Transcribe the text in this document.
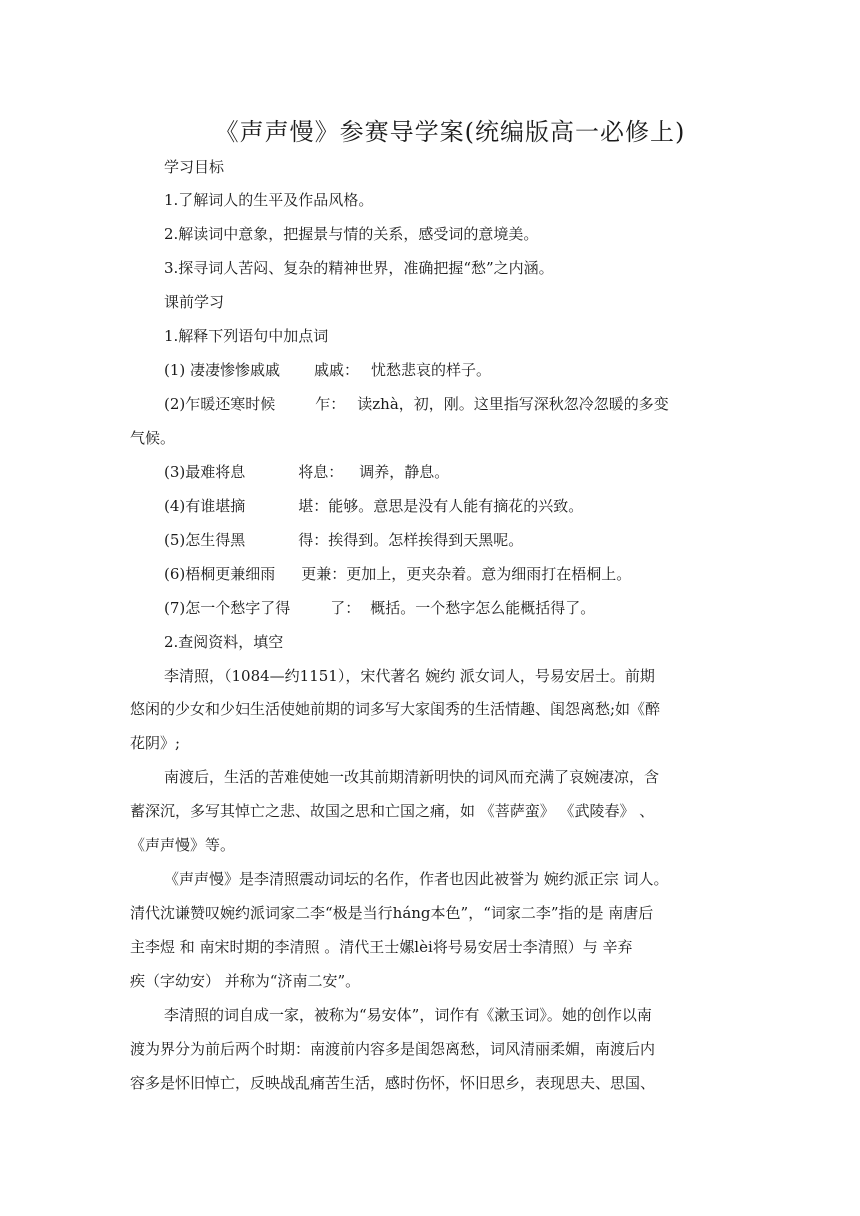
《声声慢》参赛导学案(统编版高一必修上)
学习目标
1.了解词人的生平及作品风格。
2.解读词中意象，把握景与情的关系，感受词的意境美。
3.探寻词人苦闷、复杂的精神世界，准确把握“愁”之内涵。
课前学习
1.解释下列语句中加点词
(1) 凄凄惨惨戚戚 戚戚： 忧愁悲哀的样子。
(2)乍暖还寒时候	乍： 读zhà，初，刚。这里指写深秋忽冷忽暖的多变
气候。
(3)最难将息	将息： 调养，静息。
(4)有谁堪摘	堪：能够。意思是没有人能有摘花的兴致。
(5)怎生得黑	得：挨得到。怎样挨得到天黑呢。
(6)梧桐更兼细雨 更兼：更加上，更夹杂着。意为细雨打在梧桐上。
(7)怎一个愁字了得	了： 概括。一个愁字怎么能概括得了。
2.查阅资料，填空
李清照，（1084—约1151），宋代著名 婉约 派女词人，号易安居士。前期
悠闲的少女和少妇生活使她前期的词多写大家闺秀的生活情趣、闺怨离愁;如《醉
花阴》;
南渡后，生活的苦难使她一改其前期清新明快的词风而充满了哀婉凄凉，含
蓄深沉，多写其悼亡之悲、故国之思和亡国之痛，如 《菩萨蛮》 《武陵春》 、
《声声慢》等。
《声声慢》是李清照震动词坛的名作，作者也因此被誉为 婉约派正宗 词人。
清代沈谦赞叹婉约派词家二李“极是当行háng本色”，“词家二李”指的是 南唐后
主李煜 和 南宋时期的李清照 。清代王士嫘lèi将号易安居士李清照）与 辛弃
疾（字幼安） 并称为“济南二安”。
李清照的词自成一家，被称为“易安体”，词作有《漱玉词》。她的创作以南
渡为界分为前后两个时期：南渡前内容多是闺怨离愁，词风清丽柔媚，南渡后内
容多是怀旧悼亡，反映战乱痛苦生活，感时伤怀，怀旧思乡，表现思夫、思国、
